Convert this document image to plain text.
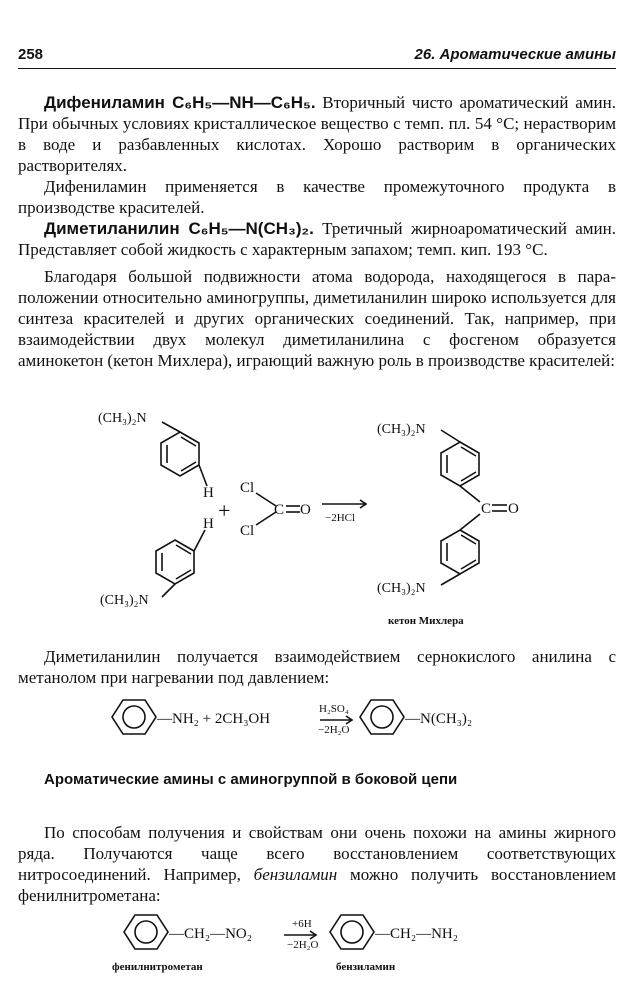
258	26. Ароматические амины

Дифениламин C₆H₅—NH—C₆H₅. Вторичный чисто ароматический амин. При обычных условиях кристаллическое вещество с темп. пл. 54 °C; нерастворим в воде и разбавленных кислотах. Хорошо растворим в органических растворителях.

Дифениламин применяется в качестве промежуточного продукта в производстве красителей.

Диметиланилин C₆H₅—N(CH₃)₂. Третичный жирноароматический амин. Представляет собой жидкость с характерным запахом; темп. кип. 193 °C.

Благодаря большой подвижности атома водорода, находящегося в пара-положении относительно аминогруппы, диметиланилин широко используется для синтеза красителей и других органических соединений. Так, например, при взаимодействии двух молекул диметиланилина с фосгеном образуется аминокетон (кетон Михлера), играющий важную роль в производстве красителей:

(CH₃)₂N
H
H
+
Cl
Cl
C O −2HCl
(CH₃)₂N
(CH₃)₂N
C O
(CH₃)₂N
кетон Михлера

Диметиланилин получается взаимодействием сернокислого анилина с метанолом при нагревании под давлением:

—NH₂ + 2CH₃OH
H₂SO₄
−2H₂O
—N(CH₃)₂
Ароматические амины с аминогруппой в боковой цепи

По способам получения и свойствам они очень похожи на амины жирного ряда. Получаются чаще всего восстановлением соответствующих нитросоединений. Например, бензиламин можно получить восстановлением фенилнитрометана:

—CH₂—NO₂
+6H
−2H₂O
—CH₂—NH₂
фенилнитрометан	бензиламин
